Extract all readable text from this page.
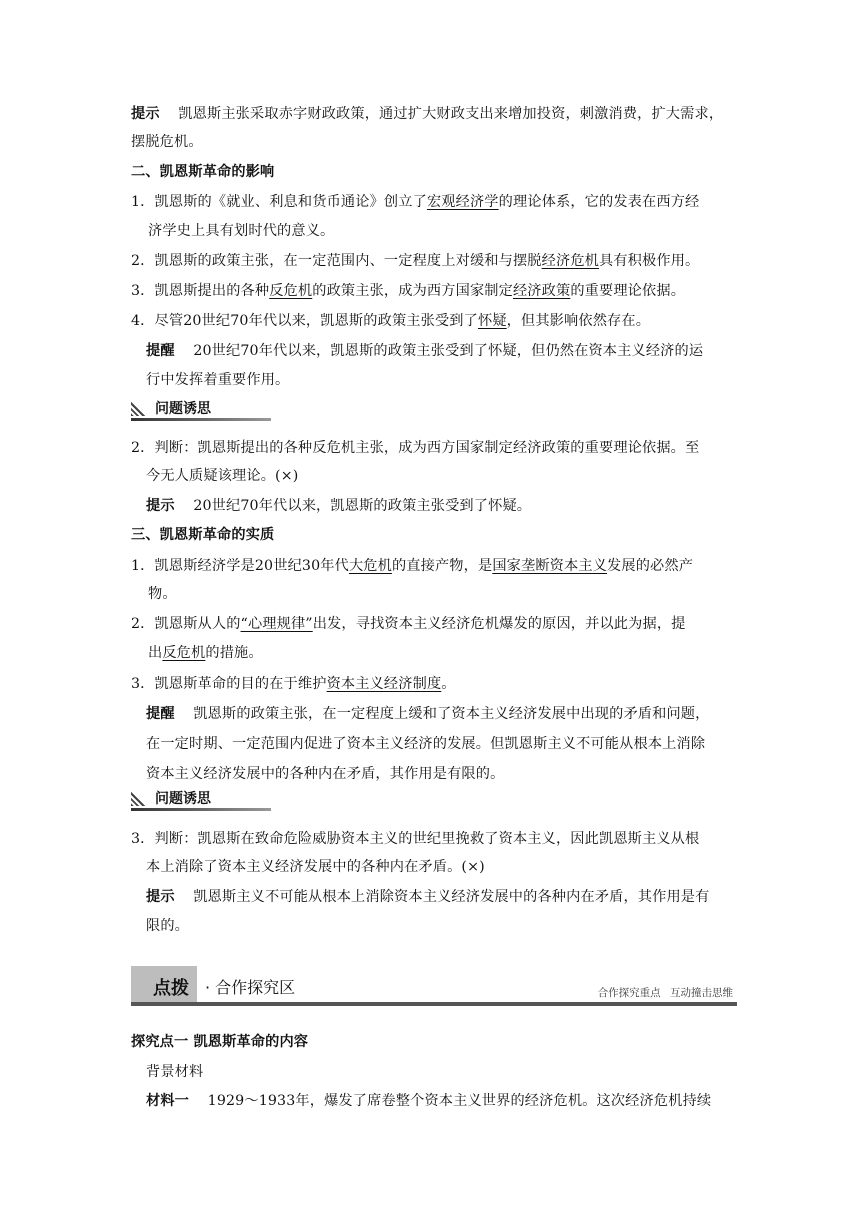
提示 凯恩斯主张采取赤字财政政策，通过扩大财政支出来增加投资，刺激消费，扩大需求，
摆脱危机。
二、凯恩斯革命的影响
1．凯恩斯的《就业、利息和货币通论》创立了宏观经济学的理论体系，它的发表在西方经
济学史上具有划时代的意义。
2．凯恩斯的政策主张，在一定范围内、一定程度上对缓和与摆脱经济危机具有积极作用。
3．凯恩斯提出的各种反危机的政策主张，成为西方国家制定经济政策的重要理论依据。
4．尽管20世纪70年代以来，凯恩斯的政策主张受到了怀疑，但其影响依然存在。
提醒 20世纪70年代以来，凯恩斯的政策主张受到了怀疑，但仍然在资本主义经济的运
行中发挥着重要作用。
问题诱思
2．判断：凯恩斯提出的各种反危机主张，成为西方国家制定经济政策的重要理论依据。至
今无人质疑该理论。(×)
提示 20世纪70年代以来，凯恩斯的政策主张受到了怀疑。
三、凯恩斯革命的实质
1．凯恩斯经济学是20世纪30年代大危机的直接产物，是国家垄断资本主义发展的必然产
物。
2．凯恩斯从人的“心理规律”出发，寻找资本主义经济危机爆发的原因，并以此为据，提
出反危机的措施。
3．凯恩斯革命的目的在于维护资本主义经济制度。
提醒 凯恩斯的政策主张，在一定程度上缓和了资本主义经济发展中出现的矛盾和问题，
在一定时期、一定范围内促进了资本主义经济的发展。但凯恩斯主义不可能从根本上消除
资本主义经济发展中的各种内在矛盾，其作用是有限的。
问题诱思
3．判断：凯恩斯在致命危险威胁资本主义的世纪里挽救了资本主义，因此凯恩斯主义从根
本上消除了资本主义经济发展中的各种内在矛盾。(×)
提示 凯恩斯主义不可能从根本上消除资本主义经济发展中的各种内在矛盾，其作用是有
限的。
点拨 · 合作探究区	合作探究重点 互动撞击思维
探究点一 凯恩斯革命的内容
背景材料
材料一 1929～1933年，爆发了席卷整个资本主义世界的经济危机。这次经济危机持续
